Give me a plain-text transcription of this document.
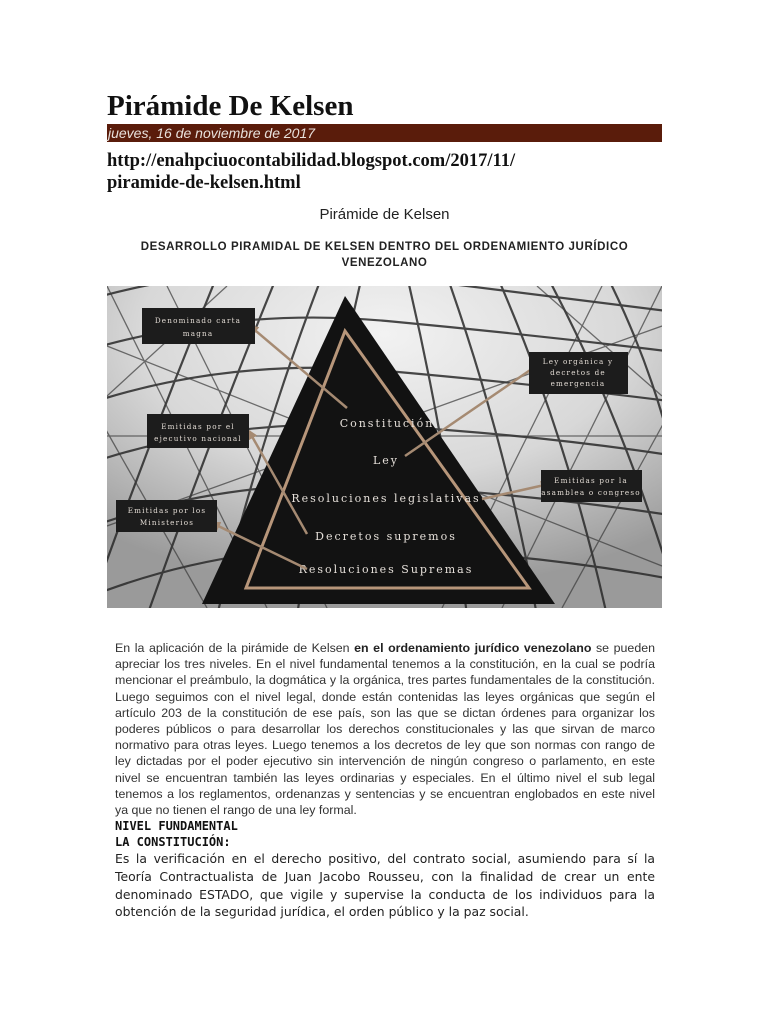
Pirámide De Kelsen
jueves, 16 de noviembre de 2017
http://enahpciuocontabilidad.blogspot.com/2017/11/
piramide-de-kelsen.html
Pirámide de Kelsen
DESARROLLO PIRAMIDAL DE KELSEN DENTRO DEL ORDENAMIENTO JURÍDICO
VENEZOLANO
Constitución
Ley
Resoluciones legislativas
Decretos supremos
Resoluciones Supremas
Denominado carta
magna
Ley orgánica y
decretos de
emergencia
Emitidas por el
ejecutivo nacional
Emitidas por la
asamblea o congreso
Emitidas por los
Ministerios
En la aplicación de la pirámide de Kelsen en el ordenamiento jurídico venezolano se pueden apreciar los tres niveles. En el nivel fundamental tenemos a la constitución, en la cual se podría mencionar el preámbulo, la dogmática y la orgánica, tres partes fundamentales de la constitución. Luego seguimos con el nivel legal, donde están contenidas las leyes orgánicas que según el artículo 203 de la constitución de ese país, son las que se dictan órdenes para organizar los poderes públicos o para desarrollar los derechos constitucionales y las que sirvan de marco normativo para otras leyes. Luego tenemos a los decretos de ley que son normas con rango de ley dictadas por el poder ejecutivo sin intervención de ningún congreso o parlamento, en este nivel se encuentran también las leyes ordinarias y especiales. En el último nivel el sub legal tenemos a los reglamentos, ordenanzas y sentencias y se encuentran englobados en este nivel ya que no tienen el rango de una ley formal.
NIVEL FUNDAMENTAL
LA CONSTITUCIÓN:
Es la verificación en el derecho positivo, del contrato social, asumiendo para sí la Teoría Contractualista de Juan Jacobo Rousseu, con la finalidad de crear un ente denominado ESTADO, que vigile y supervise la conducta de los individuos para la obtención de la seguridad jurídica, el orden público y la paz social.
